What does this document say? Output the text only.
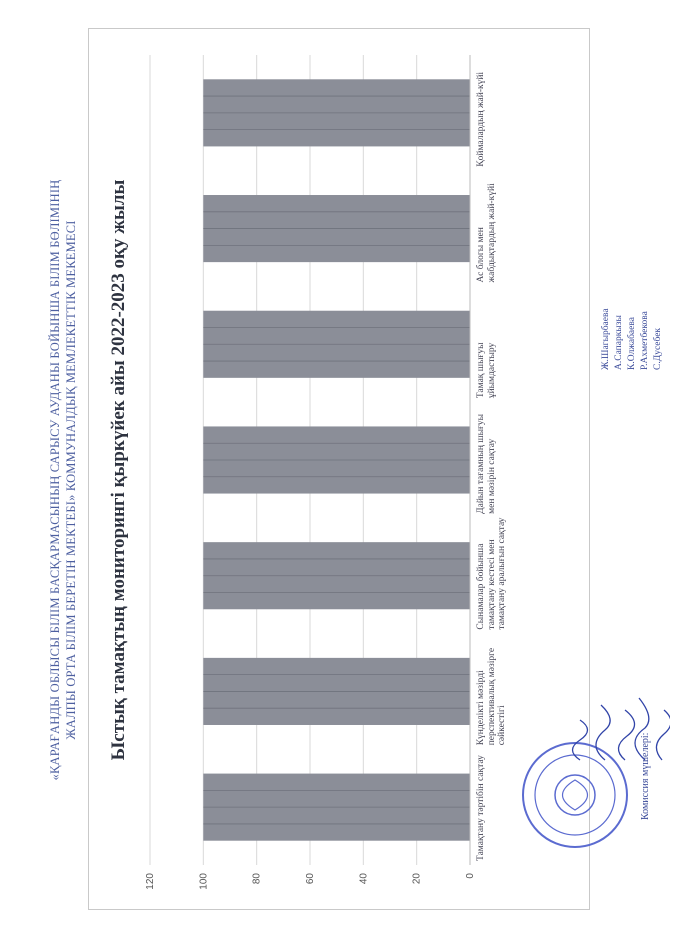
«ҚАРАҒАНДЫ ОБЛЫСЫ БІЛІМ БАСҚАРМАСЫНЫҢ САРЫСУ АУДАНЫ БОЙЫНША БІЛІМ БӨЛІМІНІҢ ЖАЛПЫ ОРТА БІЛІМ БЕРЕТІН МЕКТЕБІ» КОММУНАЛДЫҚ МЕМЛЕКЕТТІК МЕКЕМЕСІ
0
20
40
60
80
100
120
Ыстық тамақтың мониторингі қыркүйек айы 2022-2023 оқу жылы
Тамақтану тәртібін сақтау
Күнделікті мәзірді перспективалық мәзірге сәйкестігі
Сынамалар бойынша тамақтану кестесі мен тамақтану аралығын сақтау
Дайын тағамның шығуы мен мәзірін сақтау
Тамақ шығуы ұйымдастыру
Ас блогы мен жабдықтардың жай-күйі
Қоймалардың жай-күйі
Комиссия мүшелері:
Ж.Шагырбаева А.Сапаркызы К.Олжабаева Р.Ахметбекова С.Дусебек
